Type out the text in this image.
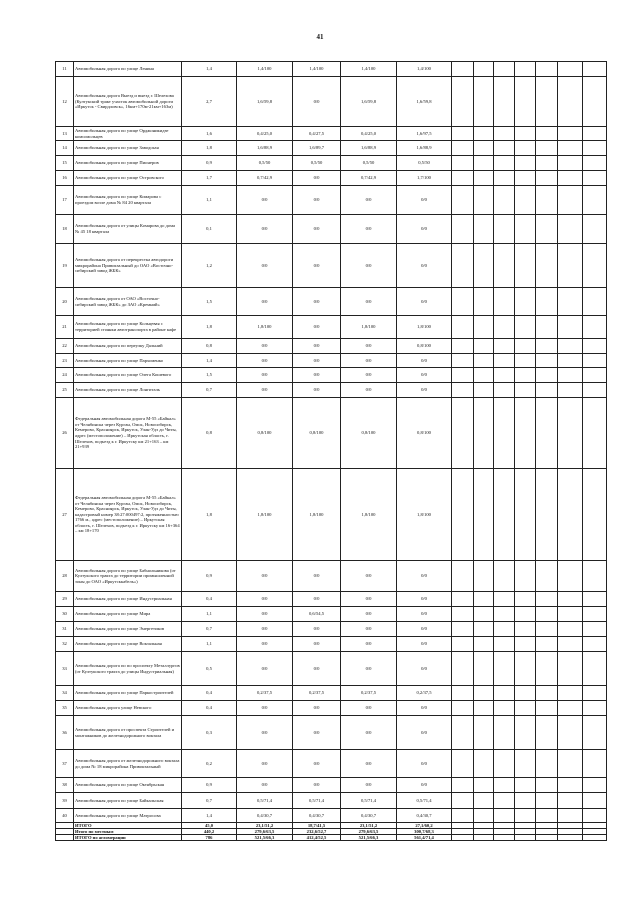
41
11	Автомобильная дорога по улице Ленина	1,4	1,4/100	1,4/100	1,4/100	1,4/100							
12	Автомобильная дорога Выезд и выезд г. Шелехова (Култукский тракт участок автомобильной дороги «Иркутск - Свирдловск», 16км+170м-21км+163м)	2,7	1,6/59,8	0/0	1,6/59,8	1,6/59,8							
13	Автомобильная дорога по улице Орджоникидзе комсомольцев	1,6	0,4/25,0	0,4/27,5	0,4/25,0	1,6/97,5							
14	Автомобильная дорога по улице Заводская	1,8	1,6/88,9	1,6/89,7	1,6/88,9	1,6/88,9							
15	Автомобильная дорога по улице Пионеров	0,9	0,5/50	0,5/50	0,5/50	0,5/50							
16	Автомобильная дорога по улице Островского	1,7	0,7/42,9	0/0	0,7/42,9	1,7/100							
17	Автомобильная дорога по улице Комарова с проездом возле дома № 84 20 квартала	1,1	0/0	0/0	0/0	0/0							
18	Автомобильная дорога от улицы Комарова до дома № 45 18 квартала	0,1	0/0	0/0	0/0	0/0							
19	Автомобильная дорога от перекрестка автодороги микрорайона Привокзальный до ОАО «Восточно-сибирский завод ЖБК»	1,2	0/0	0/0	0/0	0/0							
20	Автомобильная дорога от ОАО «Восточно-сибирский завод ЖБК» до ЗАО «Кремний»	1,5	0/0	0/0	0/0	0/0							
21	Автомобильная дорога по улице Кольцевая с территорией стоянки автотранспорта в районе кафе	1,8	1,8/100	0/0	1,8/100	1,8/100							
22	Автомобильная дорога по переулку Дальний	0,8	0/0	0/0	0/0	0,8/100							
23	Автомобильная дорога по улице Пархоменко	1,4	0/0	0/0	0/0	0/0							
24	Автомобильная дорога по улице Олега Кошевого	1,5	0/0	0/0	0/0	0/0							
25	Автомобильная дорога по улице Лонгиталь	0,7	0/0	0/0	0/0	0/0							
26	Федеральная автомобильная дорога М-55 «Байкал» от Челябинска через Курган, Омск, Новосибирск, Кемерово, Красноярск, Иркутск, Улан-Удэ до Читы, адрес (местоположение) – Иркутская область, г. Шелехов, подъезд к г. Иркутску км 21+163 – км 21+939	0,8	0,8/100	0,8/100	0,8/100	0,8/100							
27	Федеральная автомобильная дорога М-55 «Байкал» от Челябинска через Курган, Омск, Новосибирск, Кемерово, Красноярск, Иркутск, Улан-Удэ до Читы, кадастровый номер 38:27:000497:2, протяженностью 1766 м., адрес (местоположение) – Иркутская область, г. Шелехов, подъезд к г. Иркутску км 16+364 – км 18+170	1,8	1,8/100	1,8/100	1,8/100	1,8/100							
28	Автомобильная дорога по улице Бабнольникова (от Култукского тракта до территории промышленной зоны до ОАО «Иркутсккабель»)	0,9	0/0	0/0	0/0	0/0							
29	Автомобильная дорога по улице Индустриальная	0,4	0/0	0/0	0/0	0/0							
30	Автомобильная дорога по улице Мира	1,1	0/0	0,6/54,5	0/0	0/0							
31	Автомобильная дорога по улице Энергетиков	0,7	0/0	0/0	0/0	0/0							
32	Автомобильная дорога по улице Вокзальная	1,1	0/0	0/0	0/0	0/0							
33	Автомобильная дорога по по проспекту Металлургов (от Култукского тракта до улицы Индустриальная)	0,5	0/0	0/0	0/0	0/0							
34	Автомобильная дорога по улице Паркостроителей	0,4	0,2/37,5	0,2/37,5	0,2/37,5	0,2/37,5							
35	Автомобильная дорога улице Невского	0,4	0/0	0/0	0/0	0/0							
36	Автомобильная дорога от проспекта Строителей и монтажников до железнодорожного вокзала	0,3	0/0	0/0	0/0	0/0							
37	Автомобильная дорога от железнодорожного вокзала до дома № 18 микрорайона Привокзальный	0,2	0/0	0/0	0/0	0/0							
38	Автомобильная дорога по улице Октябрьская	0,9	0/0	0/0	0/0	0/0							
39	Автомобильная дорога по улице Байкальская	0,7	0,5/71,4	0,5/71,4	0,5/71,4	0,5/71,4							
40	Автомобильная дорога по улице Матросова	1,4	0,4/30,7	0,4/30,7	0,4/30,7	0,4/30,7							
	ИТОГО	45,0	23,1/51,2	18,7/41,5	23,1/51,2	27,1/60,2							
	Итого по местным	440,2	279,6/63,5	232,6/52,7	279,6/63,5	300,7/68,3							
	ИТОГО по агломерации	786	521,5/66,3	412,4/52,5	521,5/66,3	561,4/71,4							
